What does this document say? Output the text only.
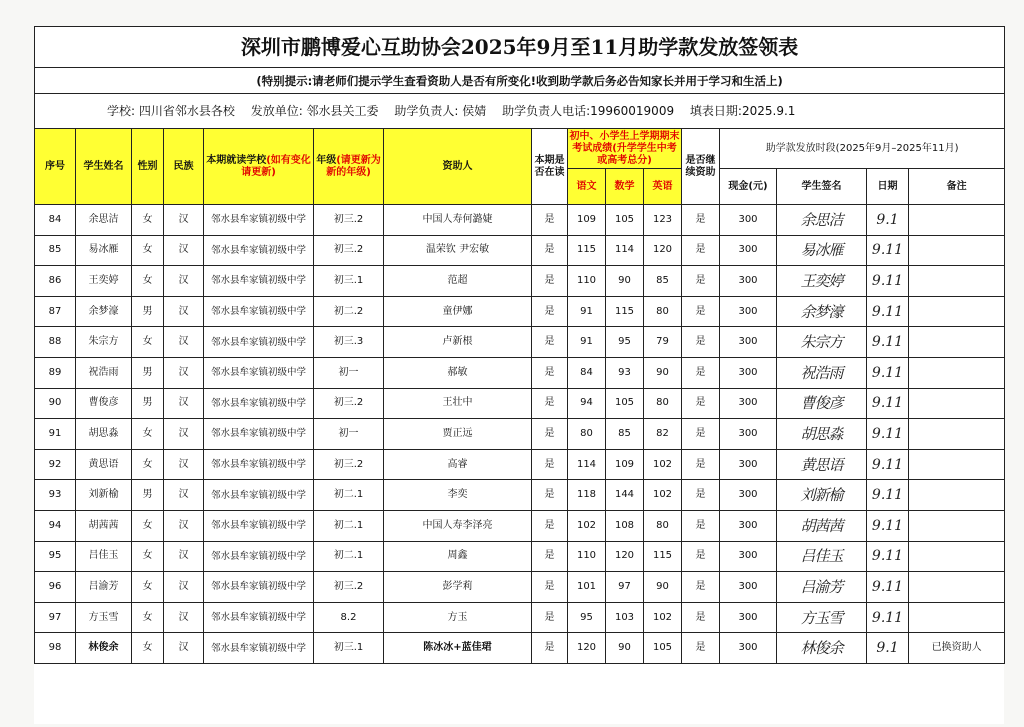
深圳市鹏博爱心互助协会2025年9月至11月助学款发放签领表															
(特别提示:请老师们提示学生查看资助人是否有所变化!收到助学款后务必告知家长并用于学习和生活上)															
学校: 四川省邻水县各校 发放单位: 邻水县关工委 助学负责人: 侯婧 助学负责人电话:19960019009 填表日期:2025.9.1															
序号	学生姓名	性别	民族	本期就读学校(如有变化请更新)	年级(请更新为新的年级)	资助人	本期是否在读	初中、小学生上学期期末考试成绩(升学学生中考或高考总分)			是否继续资助	助学款发放时段(2025年9月–2025年11月)			
								语文	数学	英语		现金(元)	学生签名	日期	备注
84	余思洁	女	汉	邻水县牟家镇初级中学	初三.2	中国人寿何潞婕	是	109	105	123	是	300	余思洁	9.1	
85	易冰雁	女	汉	邻水县牟家镇初级中学	初三.2	温荣钦 尹宏敏	是	115	114	120	是	300	易冰雁	9.11	
86	王奕婷	女	汉	邻水县牟家镇初级中学	初三.1	范超	是	110	90	85	是	300	王奕婷	9.11	
87	余梦濠	男	汉	邻水县牟家镇初级中学	初二.2	童伊娜	是	91	115	80	是	300	余梦濠	9.11	
88	朱宗方	女	汉	邻水县牟家镇初级中学	初三.3	卢新根	是	91	95	79	是	300	朱宗方	9.11	
89	祝浩雨	男	汉	邻水县牟家镇初级中学	初一	郝敏	是	84	93	90	是	300	祝浩雨	9.11	
90	曹俊彦	男	汉	邻水县牟家镇初级中学	初三.2	王壮中	是	94	105	80	是	300	曹俊彦	9.11	
91	胡思淼	女	汉	邻水县牟家镇初级中学	初一	贾正远	是	80	85	82	是	300	胡思淼	9.11	
92	黄思语	女	汉	邻水县牟家镇初级中学	初三.2	高睿	是	114	109	102	是	300	黄思语	9.11	
93	刘新榆	男	汉	邻水县牟家镇初级中学	初二.1	李奕	是	118	144	102	是	300	刘新榆	9.11	
94	胡茜茜	女	汉	邻水县牟家镇初级中学	初二.1	中国人寿李泽亮	是	102	108	80	是	300	胡茜茜	9.11	
95	吕佳玉	女	汉	邻水县牟家镇初级中学	初二.1	周鑫	是	110	120	115	是	300	吕佳玉	9.11	
96	吕渝芳	女	汉	邻水县牟家镇初级中学	初三.2	彭学莉	是	101	97	90	是	300	吕渝芳	9.11	
97	方玉雪	女	汉	邻水县牟家镇初级中学	8.2	方玉	是	95	103	102	是	300	方玉雪	9.11	
98	林俊余	女	汉	邻水县牟家镇初级中学	初三.1	陈冰冰+蓝佳珺	是	120	90	105	是	300	林俊余	9.1	已换资助人
